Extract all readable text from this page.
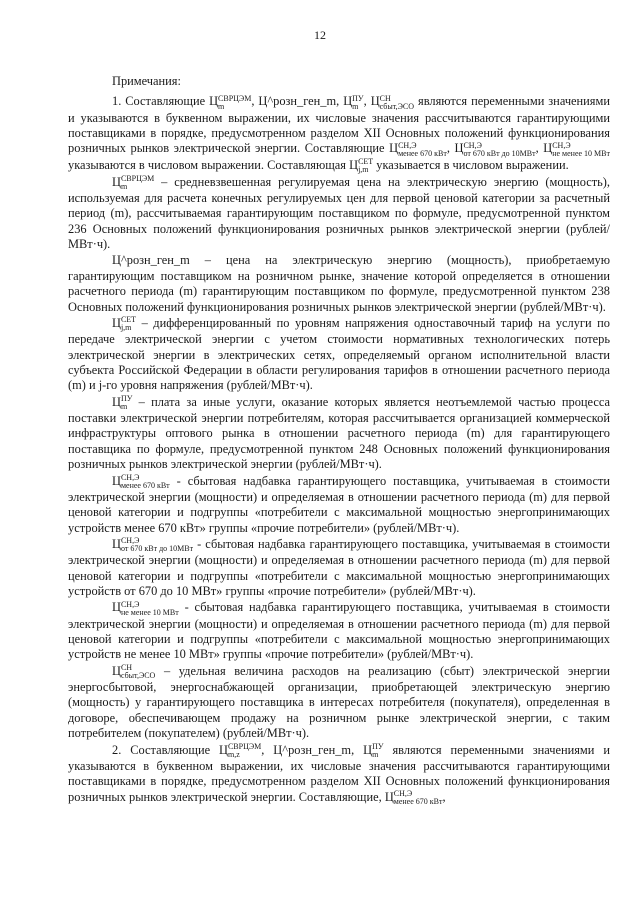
12

Примечания:

1. Составляющие Ц СВРЦЭМ
m	, Ц^розн_ген_m, Ц ПУ
m , Ц СН
сбыт,ЭСО являются переменными значениями и указываются в буквенном выражении, их числовые значения рассчитываются гарантирующими поставщиками в порядке, предусмотренном разделом XII Основных положений функционирования розничных рынков электрической энергии. Составляющие Ц СН,Э
менее 670 кВт , Ц СН,Э
от 670 кВт до 10МВт , Ц СН,Э
не менее 10 МВт
указываются в числовом выражении. Составляющая Ц СЕТ
j,m указывается в числовом выражении.

Ц СВРЦЭМ
m	– средневзвешенная регулируемая цена на электрическую энергию (мощность), используемая для расчета конечных регулируемых цен для первой ценовой категории за расчетный период (m), рассчитываемая гарантирующим поставщиком по формуле, предусмотренной пунктом 236 Основных положений функционирования розничных рынков электрической энергии (рублей/МВт·ч).

Ц^розн_ген_m – цена на электрическую энергию (мощность), приобретаемую гарантирующим поставщиком на розничном рынке, значение которой определяется в отношении расчетного периода (m) гарантирующим поставщиком по формуле, предусмотренной пунктом 238 Основных положений функционирования розничных рынков электрической энергии (рублей/МВт·ч).

Ц СЕТ
j,m – дифференцированный по уровням напряжения одноставочный тариф на услуги по передаче электрической энергии с учетом стоимости нормативных технологических потерь электрической энергии в электрических сетях, определяемый органом исполнительной власти субъекта Российской Федерации в области регулирования тарифов в отношении расчетного периода (m) и j-го уровня напряжения (рублей/МВт·ч).

Ц ПУ
m – плата за иные услуги, оказание которых является неотъемлемой частью процесса поставки электрической энергии потребителям, которая рассчитывается организацией коммерческой инфраструктуры оптового рынка в отношении расчетного периода (m) для гарантирующего поставщика по формуле, предусмотренной пунктом 248 Основных положений функционирования розничных рынков электрической энергии (рублей/МВт·ч).

Ц СН,Э
менее 670 кВт - сбытовая надбавка гарантирующего поставщика, учитываемая в стоимости электрической энергии (мощности) и определяемая в отношении расчетного периода (m) для первой ценовой категории и подгруппы «потребители с максимальной мощностью энергопринимающих устройств менее 670 кВт» группы «прочие потребители» (рублей/МВт·ч).

Ц СН,Э
от 670 кВт до 10МВт - сбытовая надбавка гарантирующего поставщика, учитываемая в стоимости электрической энергии (мощности) и определяемая в отношении расчетного периода (m) для первой ценовой категории и подгруппы «потребители с максимальной мощностью энергопринимающих устройств от 670 до 10 МВт» группы «прочие потребители» (рублей/МВт·ч).

Ц СН,Э
не менее 10 МВт - сбытовая надбавка гарантирующего поставщика, учитываемая в стоимости электрической энергии (мощности) и определяемая в отношении расчетного периода (m) для первой ценовой категории и подгруппы «потребители с максимальной мощностью энергопринимающих устройств не менее 10 МВт» группы «прочие потребители» (рублей/МВт·ч).

Ц СН
сбыт,ЭСО – удельная величина расходов на реализацию (сбыт) электрической энергии энергосбытовой, энергоснабжающей организации, приобретающей электрическую энергию (мощность) у гарантирующего поставщика в интересах потребителя (покупателя), определенная в договоре, обеспечивающем продажу на розничном рынке электрической энергии, с таким потребителем (покупателем) (рублей/МВт·ч).

2. Составляющие Ц СВРЦЭМ
m,z	, Ц^розн_ген_m, Ц ПУ
m являются переменными значениями и указываются в буквенном выражении, их числовые значения рассчитываются гарантирующими поставщиками в порядке, предусмотренном разделом XII Основных положений функционирования розничных рынков электрической энергии. Составляющие, Ц СН,Э
менее 670 кВт ,
